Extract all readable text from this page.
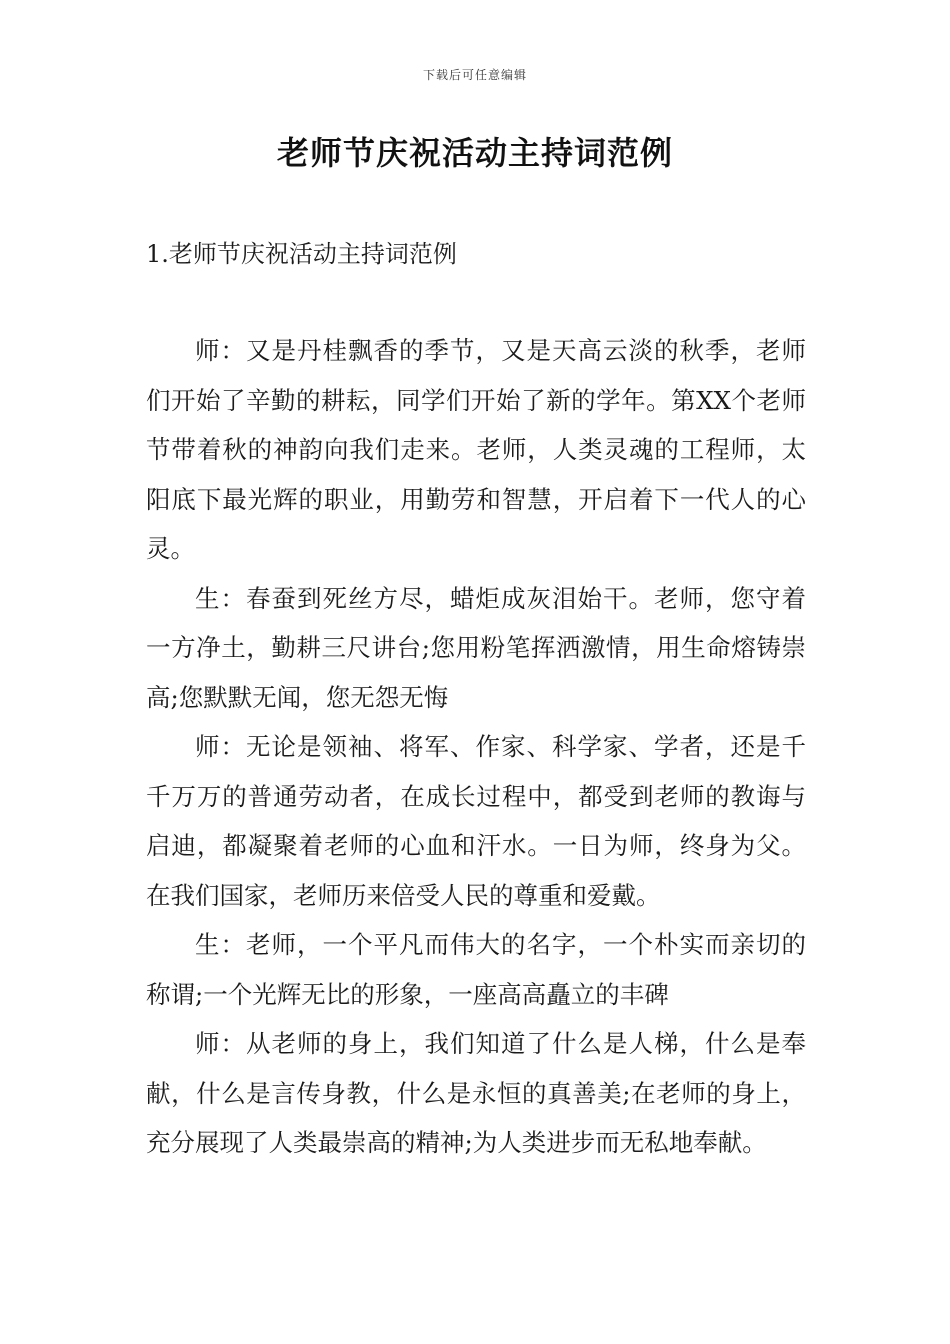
下载后可任意编辑
老师节庆祝活动主持词范例
1.老师节庆祝活动主持词范例

师：又是丹桂飘香的季节，又是天高云淡的秋季，老师们开始了辛勤的耕耘，同学们开始了新的学年。第XX个老师节带着秋的神韵向我们走来。老师，人类灵魂的工程师，太阳底下最光辉的职业，用勤劳和智慧，开启着下一代人的心灵。

生：春蚕到死丝方尽，蜡炬成灰泪始干。老师，您守着一方净土，勤耕三尺讲台;您用粉笔挥洒激情，用生命熔铸崇高;您默默无闻，您无怨无悔

师：无论是领袖、将军、作家、科学家、学者，还是千千万万的普通劳动者，在成长过程中，都受到老师的教诲与启迪，都凝聚着老师的心血和汗水。一日为师，终身为父。在我们国家，老师历来倍受人民的尊重和爱戴。

生：老师，一个平凡而伟大的名字，一个朴实而亲切的称谓;一个光辉无比的形象，一座高高矗立的丰碑

师：从老师的身上，我们知道了什么是人梯，什么是奉献，什么是言传身教，什么是永恒的真善美;在老师的身上，充分展现了人类最崇高的精神;为人类进步而无私地奉献。
